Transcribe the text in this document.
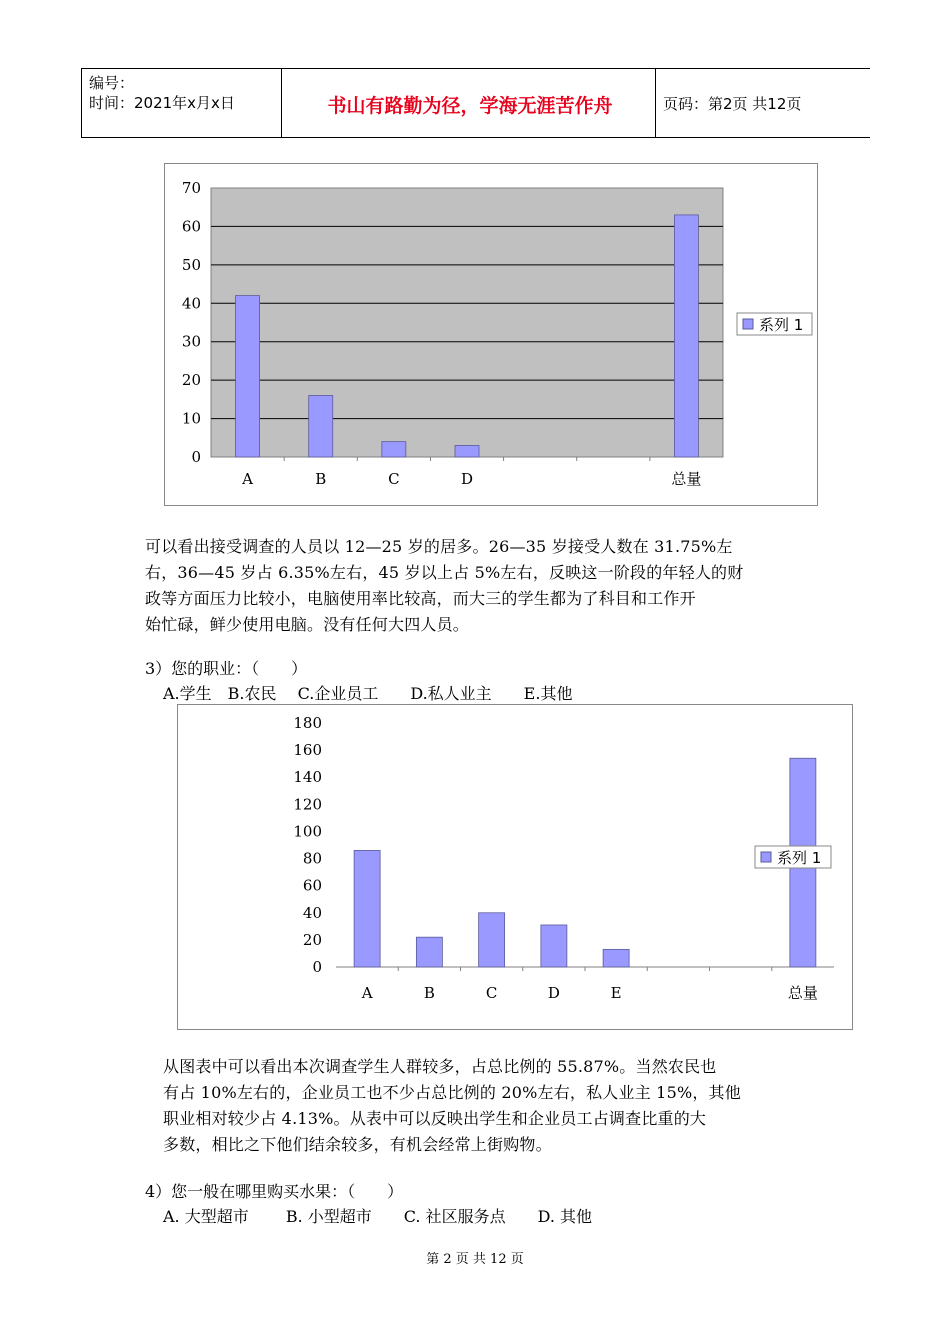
编号：
时间：2021年x月x日	书山有路勤为径，学海无涯苦作舟	页码：第2页 共12页
0
10
20
30
40
50
60
70
A	B	C	D	总量
系列 1
可以看出接受调查的人员以 12—25 岁的居多。26—35 岁接受人数在 31.75%左
右，36—45 岁占 6.35%左右，45 岁以上占 5%左右，反映这一阶段的年轻人的财
政等方面压力比较小，电脑使用率比较高，而大三的学生都为了科目和工作开
始忙碌，鲜少使用电脑。没有任何大四人员。
3）您的职业：（　　）
A.学生　B.农民　 C.企业员工　　D.私人业主　　E.其他
0
20
40
60
80
100
120
140
160
180
A	B	C	D	E	总量
系列 1
从图表中可以看出本次调查学生人群较多，占总比例的 55.87%。当然农民也
有占 10%左右的，企业员工也不少占总比例的 20%左右，私人业主 15%，其他
职业相对较少占 4.13%。从表中可以反映出学生和企业员工占调查比重的大
多数，相比之下他们结余较多，有机会经常上街购物。
4）您一般在哪里购买水果：（　　）
A. 大型超市　　 B. 小型超市　　C. 社区服务点　　D. 其他
第 2 页 共 12 页
